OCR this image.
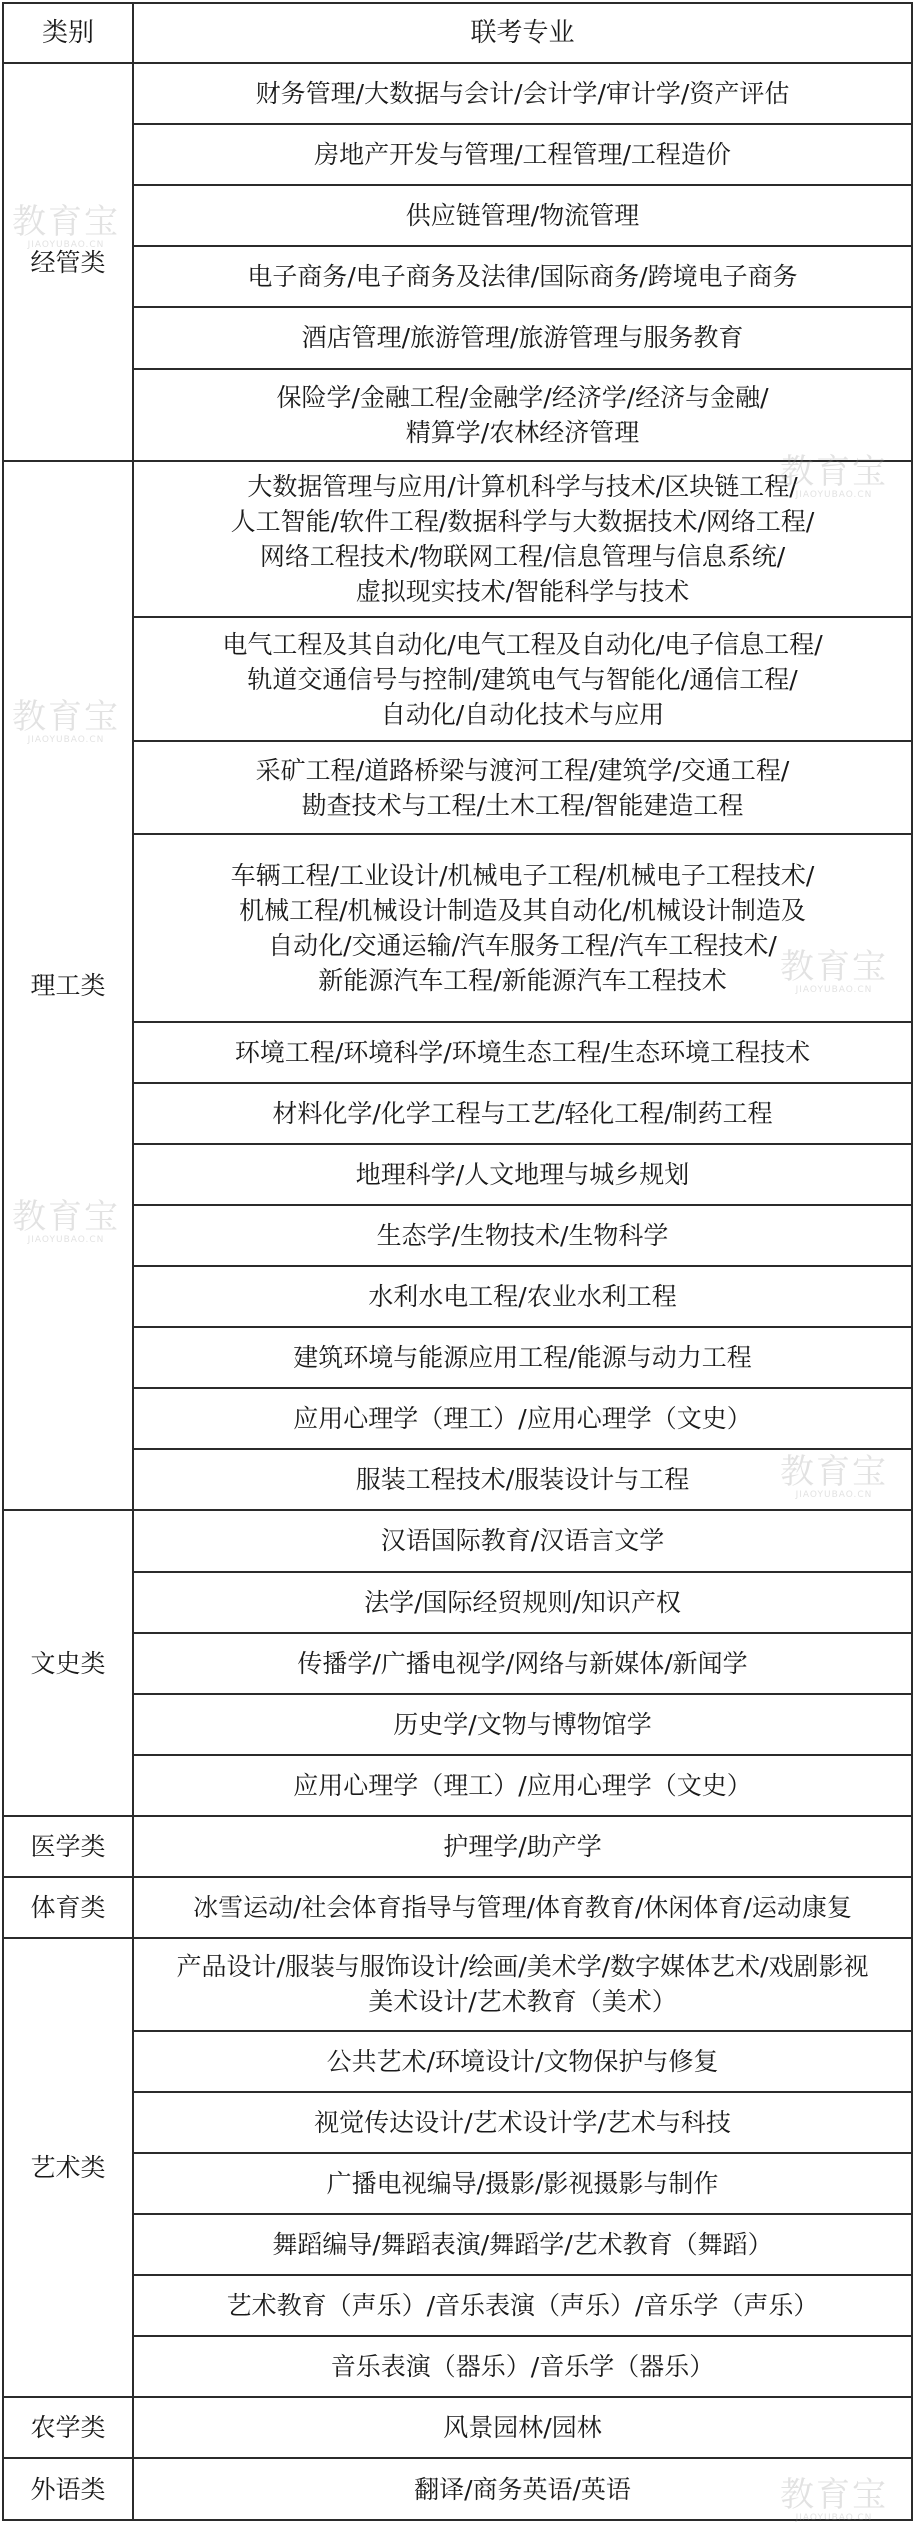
类别	联考专业
经管类	财务管理/大数据与会计/会计学/审计学/资产评估

	房地产开发与管理/工程管理/工程造价

	供应链管理/物流管理

	电子商务/电子商务及法律/国际商务/跨境电子商务

	酒店管理/旅游管理/旅游管理与服务教育

	保险学/金融工程/金融学/经济学/经济与金融/
精算学/农林经济管理

理工类	大数据管理与应用/计算机科学与技术/区块链工程/
人工智能/软件工程/数据科学与大数据技术/网络工程/
网络工程技术/物联网工程/信息管理与信息系统/
虚拟现实技术/智能科学与技术

	电气工程及其自动化/电气工程及自动化/电子信息工程/
轨道交通信号与控制/建筑电气与智能化/通信工程/
自动化/自动化技术与应用

	采矿工程/道路桥梁与渡河工程/建筑学/交通工程/
勘查技术与工程/土木工程/智能建造工程

	车辆工程/工业设计/机械电子工程/机械电子工程技术/
机械工程/机械设计制造及其自动化/机械设计制造及
自动化/交通运输/汽车服务工程/汽车工程技术/
新能源汽车工程/新能源汽车工程技术

	环境工程/环境科学/环境生态工程/生态环境工程技术

	材料化学/化学工程与工艺/轻化工程/制药工程

	地理科学/人文地理与城乡规划

	生态学/生物技术/生物科学

	水利水电工程/农业水利工程

	建筑环境与能源应用工程/能源与动力工程

	应用心理学（理工）/应用心理学（文史）

	服装工程技术/服装设计与工程

文史类	汉语国际教育/汉语言文学

	法学/国际经贸规则/知识产权

	传播学/广播电视学/网络与新媒体/新闻学

	历史学/文物与博物馆学

	应用心理学（理工）/应用心理学（文史）

医学类	护理学/助产学

体育类	冰雪运动/社会体育指导与管理/体育教育/休闲体育/运动康复

艺术类	产品设计/服装与服饰设计/绘画/美术学/数字媒体艺术/戏剧影视
美术设计/艺术教育（美术）

	公共艺术/环境设计/文物保护与修复

	视觉传达设计/艺术设计学/艺术与科技

	广播电视编导/摄影/影视摄影与制作

	舞蹈编导/舞蹈表演/舞蹈学/艺术教育（舞蹈）

	艺术教育（声乐）/音乐表演（声乐）/音乐学（声乐）

	音乐表演（器乐）/音乐学（器乐）

农学类	风景园林/园林

外语类	翻译/商务英语/英语
教育宝
JIAOYUBAO.CN
教育宝
JIAOYUBAO.CN
教育宝
JIAOYUBAO.CN
教育宝
JIAOYUBAO.CN
教育宝
JIAOYUBAO.CN
教育宝
JIAOYUBAO.CN
教育宝
JIAOYUBAO.CN
